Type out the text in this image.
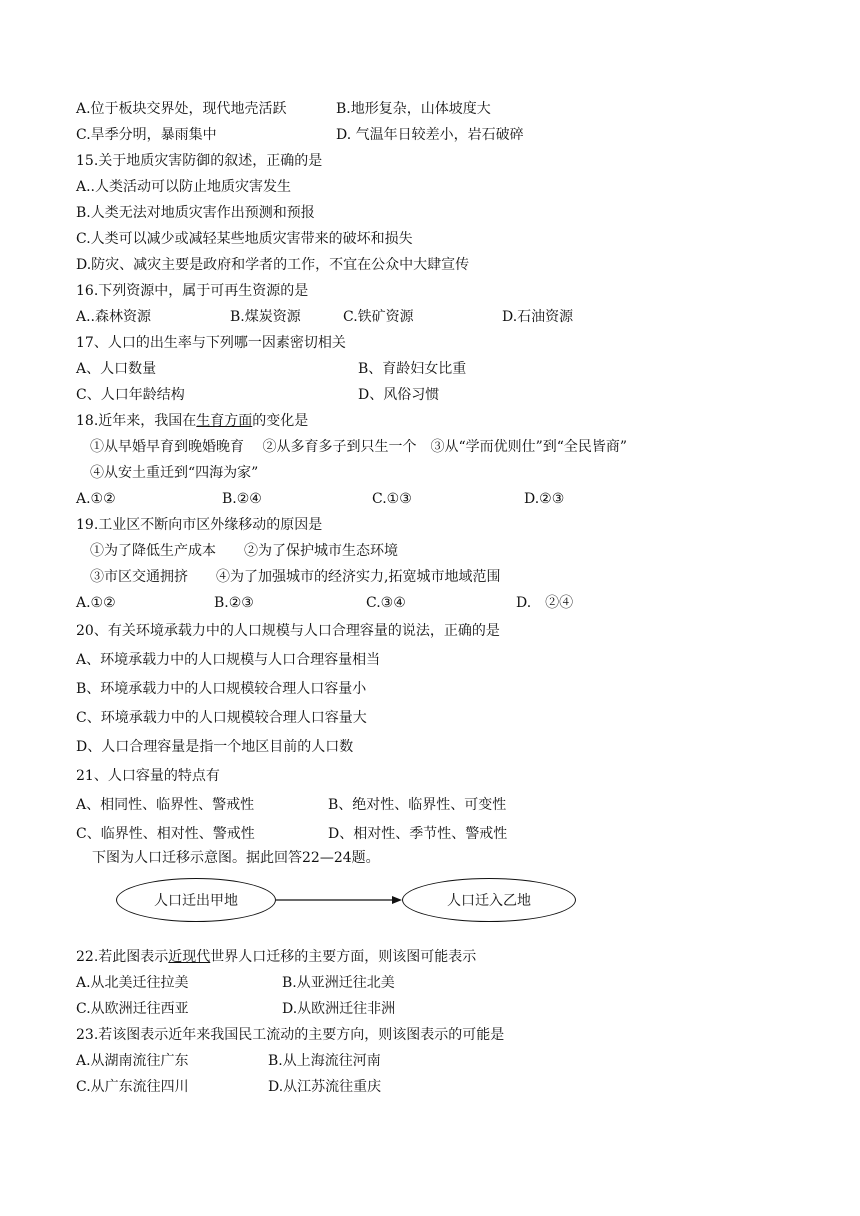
A.位于板块交界处，现代地壳活跃	B.地形复杂，山体坡度大
C.旱季分明，暴雨集中	D. 气温年日较差小，岩石破碎
15.关于地质灾害防御的叙述，正确的是
A..人类活动可以防止地质灾害发生
B.人类无法对地质灾害作出预测和预报
C.人类可以减少或减轻某些地质灾害带来的破坏和损失
D.防灾、减灾主要是政府和学者的工作，不宜在公众中大肆宣传
16.下列资源中，属于可再生资源的是
A..森林资源	B.煤炭资源	C.铁矿资源	D.石油资源
17、人口的出生率与下列哪一因素密切相关
A、人口数量	B、育龄妇女比重
C、人口年龄结构	D、风俗习惯
18.近年来，我国在生育方面的变化是
①从早婚早育到晚婚晚育　 ②从多育多子到只生一个　③从“学而优则仕”到“全民皆商”
④从安土重迁到“四海为家”
A.①②	B.②④	C.①③	D.②③
19.工业区不断向市区外缘移动的原因是
①为了降低生产成本　　②为了保护城市生态环境
③市区交通拥挤　　④为了加强城市的经济实力,拓宽城市地域范围
A.①②	B.②③	C.③④	D.　②④
20、有关环境承载力中的人口规模与人口合理容量的说法，正确的是
A、环境承载力中的人口规模与人口合理容量相当
B、环境承载力中的人口规模较合理人口容量小
C、环境承载力中的人口规模较合理人口容量大
D、人口合理容量是指一个地区目前的人口数
21、人口容量的特点有
A、相同性、临界性、警戒性	B、绝对性、临界性、可变性
C、临界性、相对性、警戒性	D、相对性、季节性、警戒性
下图为人口迁移示意图。据此回答22—24题。
人口迁出甲地	人口迁入乙地
22.若此图表示近现代世界人口迁移的主要方面，则该图可能表示
A.从北美迁往拉美	B.从亚洲迁往北美
C.从欧洲迁往西亚	D.从欧洲迁往非洲
23.若该图表示近年来我国民工流动的主要方向，则该图表示的可能是
A.从湖南流往广东	B.从上海流往河南
C.从广东流往四川	D.从江苏流往重庆
